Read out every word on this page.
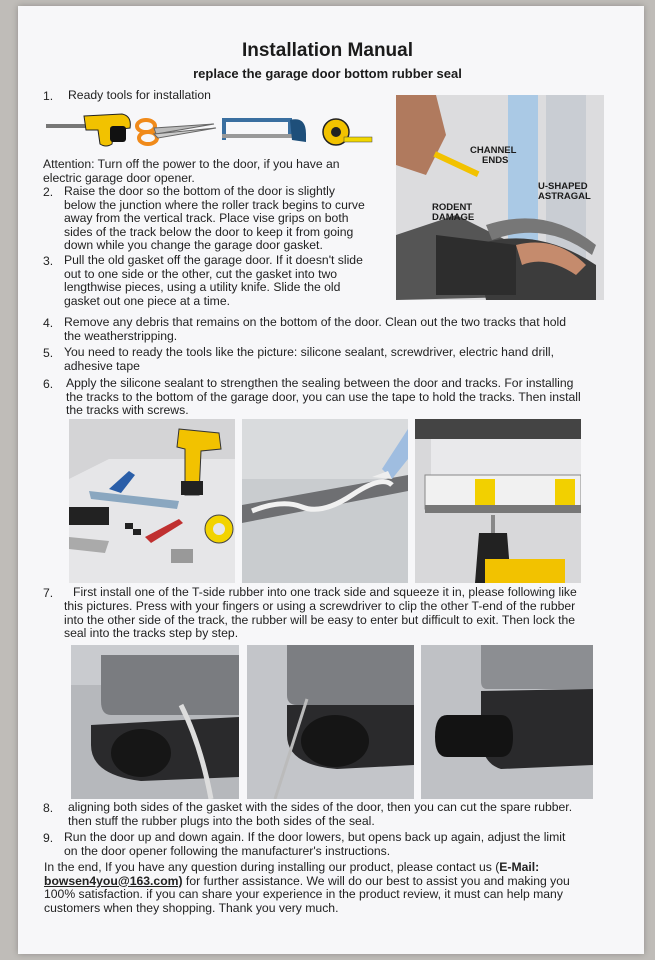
Installation Manual
replace the garage door bottom rubber seal
1. Ready tools for installation
CHANNEL
ENDS
U-SHAPED
ASTRAGAL
RODENT
DAMAGE
Attention: Turn off the power to the door, if you have an
electric garage door opener.
2. Raise the door so the bottom of the door is slightly
below the junction where the roller track begins to curve
away from the vertical track. Place vise grips on both
sides of the track below the door to keep it from going
down while you change the garage door gasket.
3. Pull the old gasket off the garage door. If it doesn't slide
out to one side or the other, cut the gasket into two
lengthwise pieces, using a utility knife. Slide the old
gasket out one piece at a time.
4. Remove any debris that remains on the bottom of the door. Clean out the two tracks that hold
the weatherstripping.
5. You need to ready the tools like the picture: silicone sealant, screwdriver, electric hand drill,
adhesive tape
6. Apply the silicone sealant to strengthen the sealing between the door and tracks. For installing
the tracks to the bottom of the garage door, you can use the tape to hold the tracks. Then install
the tracks with screws.
7. First install one of the T-side rubber into one track side and squeeze it in, please following like
this pictures. Press with your fingers or using a screwdriver to clip the other T-end of the rubber
into the other side of the track, the rubber will be easy to enter but difficult to exit. Then lock the
seal into the tracks step by step.
8. aligning both sides of the gasket with the sides of the door, then you can cut the spare rubber.
then stuff the rubber plugs into the both sides of the seal.
9. Run the door up and down again. If the door lowers, but opens back up again, adjust the limit
on the door opener following the manufacturer's instructions.
In the end, If you have any question during installing our product, please contact us (E-Mail:
bowsen4you@163.com) for further assistance. We will do our best to assist you and making you
100% satisfaction. if you can share your experience in the product review, it must can help many
customers when they shopping. Thank you very much.
